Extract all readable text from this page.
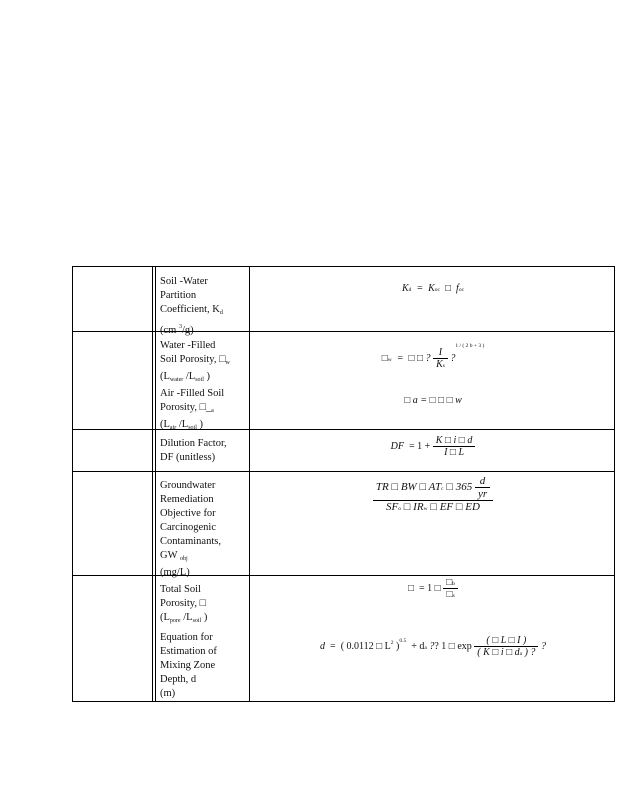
Soil -Water
Partition
Coefficient, $K_d$
(cm $^3$/g)
Kd = Koc □ foc
Water -Filled
Soil Porosity, $□_w$
($L_{water}$ $/L_{soil}$ )
Air -Filled Soil
Porosity, $□\__a$
($L_{air}$ $/L_{soil}$ )
□w = □ □ ? $\frac{I}{Ks}$ ?$^{1 / ( 2 b + 3 )}$
□ a = □ □ □ w
Dilution Factor,
DF (unitless)
DF = $1 + \frac{K □ i □ d}{I □ L}$
Groundwater
Remediation
Objective for
Carcinogenic
Contaminants,
GW $_{obj}$
(mg/L)
$\frac{TR □ BW □ ATc □ 365 \frac{d}{yr}}{\text{SFo □ IRw □ EF □ ED}}$
Total Soil
Porosity, □
($L_{pore}$ $/L_{soil}$ )
Equation for
Estimation of
Mixing Zone
Depth, d
(m)
□ = 1 □ $\frac{□b}{□s}$
d = ( 0.0112 □ $L^2$ )$^{0.5}$ + da ?? 1 □ $\exp \frac{( □ L □ I )}{( K □ i □ da ) ?}$ ?
